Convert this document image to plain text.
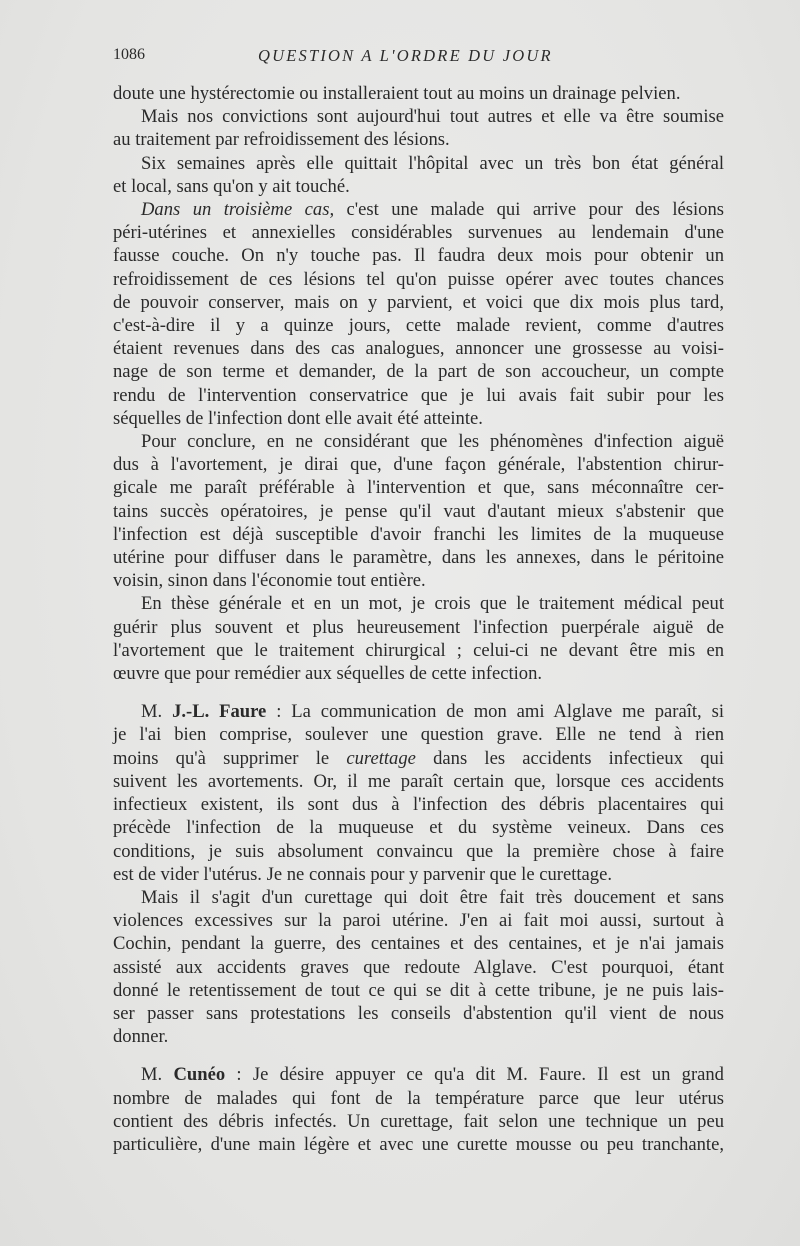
1086	QUESTION A L'ORDRE DU JOUR
doute une hystérectomie ou installeraient tout au moins un drainage pelvien.
Mais nos convictions sont aujourd'hui tout autres et elle va être soumise
au traitement par refroidissement des lésions.
Six semaines après elle quittait l'hôpital avec un très bon état général
et local, sans qu'on y ait touché.
Dans un troisième cas, c'est une malade qui arrive pour des lésions
péri-utérines et annexielles considérables survenues au lendemain d'une
fausse couche. On n'y touche pas. Il faudra deux mois pour obtenir un
refroidissement de ces lésions tel qu'on puisse opérer avec toutes chances
de pouvoir conserver, mais on y parvient, et voici que dix mois plus tard,
c'est-à-dire il y a quinze jours, cette malade revient, comme d'autres
étaient revenues dans des cas analogues, annoncer une grossesse au voisi-
nage de son terme et demander, de la part de son accoucheur, un compte
rendu de l'intervention conservatrice que je lui avais fait subir pour les
séquelles de l'infection dont elle avait été atteinte.
Pour conclure, en ne considérant que les phénomènes d'infection aiguë
dus à l'avortement, je dirai que, d'une façon générale, l'abstention chirur-
gicale me paraît préférable à l'intervention et que, sans méconnaître cer-
tains succès opératoires, je pense qu'il vaut d'autant mieux s'abstenir que
l'infection est déjà susceptible d'avoir franchi les limites de la muqueuse
utérine pour diffuser dans le paramètre, dans les annexes, dans le péritoine
voisin, sinon dans l'économie tout entière.
En thèse générale et en un mot, je crois que le traitement médical peut
guérir plus souvent et plus heureusement l'infection puerpérale aiguë de
l'avortement que le traitement chirurgical ; celui-ci ne devant être mis en
œuvre que pour remédier aux séquelles de cette infection.
M. J.-L. Faure : La communication de mon ami Alglave me paraît, si
je l'ai bien comprise, soulever une question grave. Elle ne tend à rien
moins qu'à supprimer le curettage dans les accidents infectieux qui
suivent les avortements. Or, il me paraît certain que, lorsque ces accidents
infectieux existent, ils sont dus à l'infection des débris placentaires qui
précède l'infection de la muqueuse et du système veineux. Dans ces
conditions, je suis absolument convaincu que la première chose à faire
est de vider l'utérus. Je ne connais pour y parvenir que le curettage.
Mais il s'agit d'un curettage qui doit être fait très doucement et sans
violences excessives sur la paroi utérine. J'en ai fait moi aussi, surtout à
Cochin, pendant la guerre, des centaines et des centaines, et je n'ai jamais
assisté aux accidents graves que redoute Alglave. C'est pourquoi, étant
donné le retentissement de tout ce qui se dit à cette tribune, je ne puis lais-
ser passer sans protestations les conseils d'abstention qu'il vient de nous
donner.
M. Cunéo : Je désire appuyer ce qu'a dit M. Faure. Il est un grand
nombre de malades qui font de la température parce que leur utérus
contient des débris infectés. Un curettage, fait selon une technique un peu
particulière, d'une main légère et avec une curette mousse ou peu tranchante,
